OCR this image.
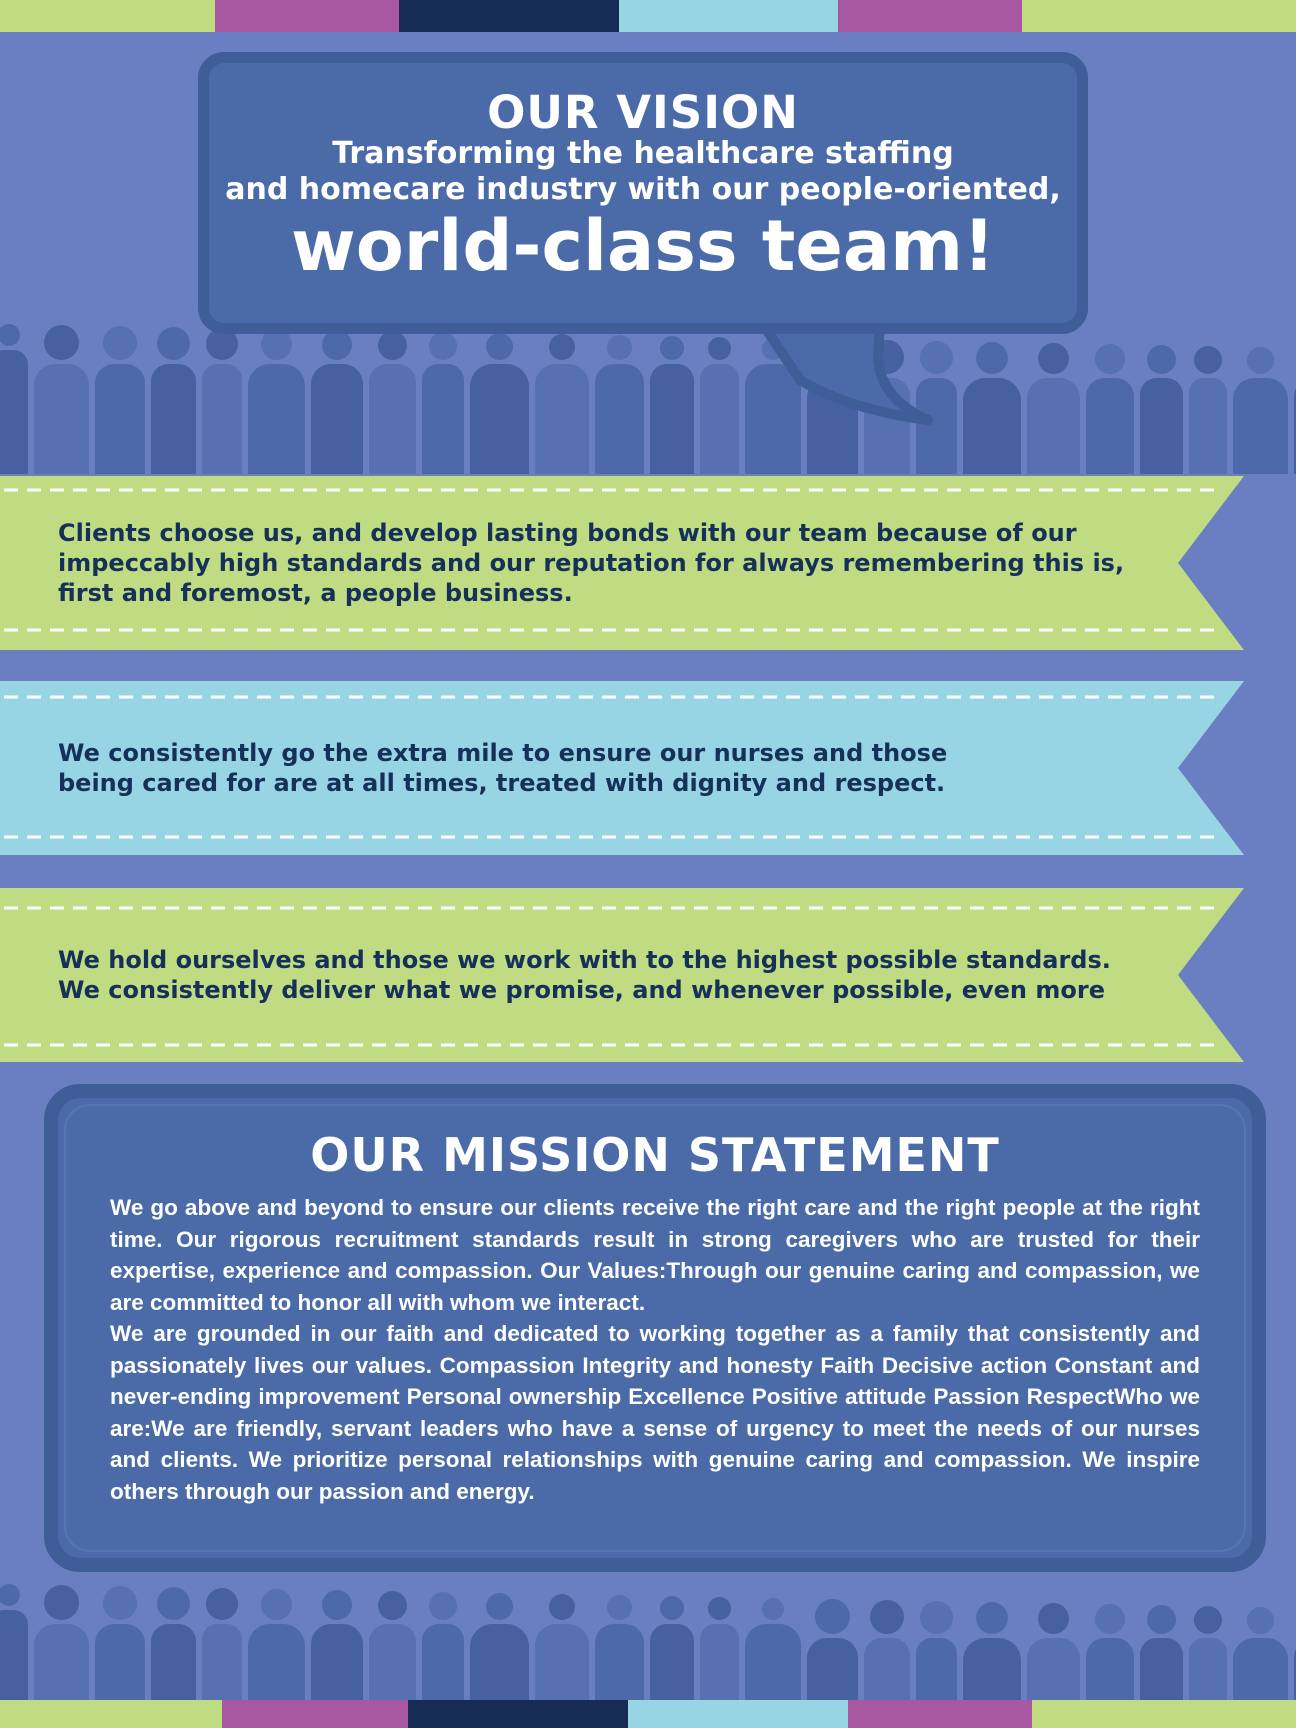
OUR VISION
Transforming the healthcare staffing
and homecare industry with our people-oriented,
world-class team!

Clients choose us, and develop lasting bonds with our team because of our
impeccably high standards and our reputation for always remembering this is,
first and foremost, a people business.

We consistently go the extra mile to ensure our nurses and those
being cared for are at all times, treated with dignity and respect.

We hold ourselves and those we work with to the highest possible standards.
We consistently deliver what we promise, and whenever possible, even more

OUR MISSION STATEMENT

We go above and beyond to ensure our clients receive the right care and the right people at the right time. Our rigorous recruitment standards result in strong caregivers who are trusted for their expertise, experience and compassion. Our Values:Through our genuine caring and compassion, we are committed to honor all with whom we interact.

We are grounded in our faith and dedicated to working together as a family that consistently and passionately lives our values. Compassion Integrity and honesty Faith Decisive action Constant and never-ending improvement Personal ownership Excellence Positive attitude Passion RespectWho we are:We are friendly, servant leaders who have a sense of urgency to meet the needs of our nurses and clients. We prioritize personal relationships with genuine caring and compassion. We inspire others through our passion and energy.
